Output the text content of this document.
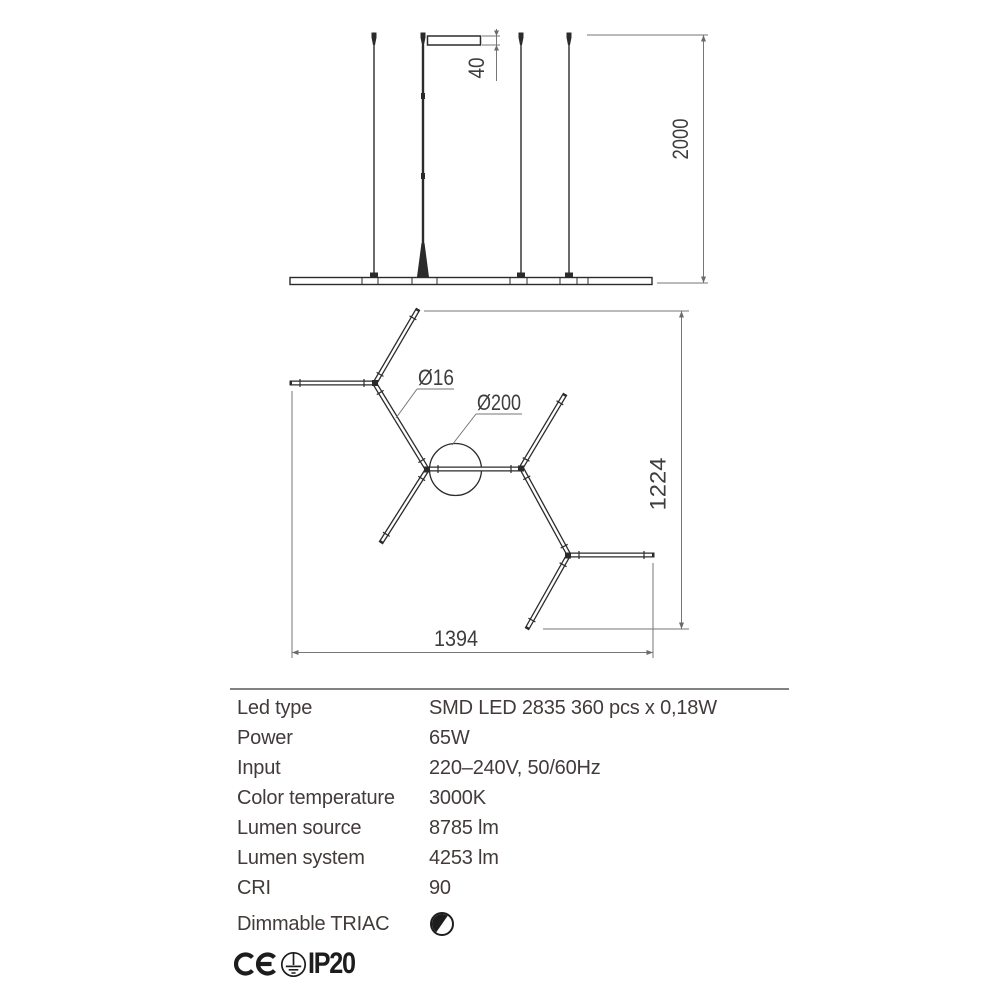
40
2000
Ø16
Ø200
1224
1394
Led type	SMD LED 2835 360 pcs x 0,18W
Power	65W
Input	220–240V, 50/60Hz
Color temperature	3000K
Lumen source	8785 lm
Lumen system	4253 lm
CRI	90
Dimmable TRIAC
IP20
